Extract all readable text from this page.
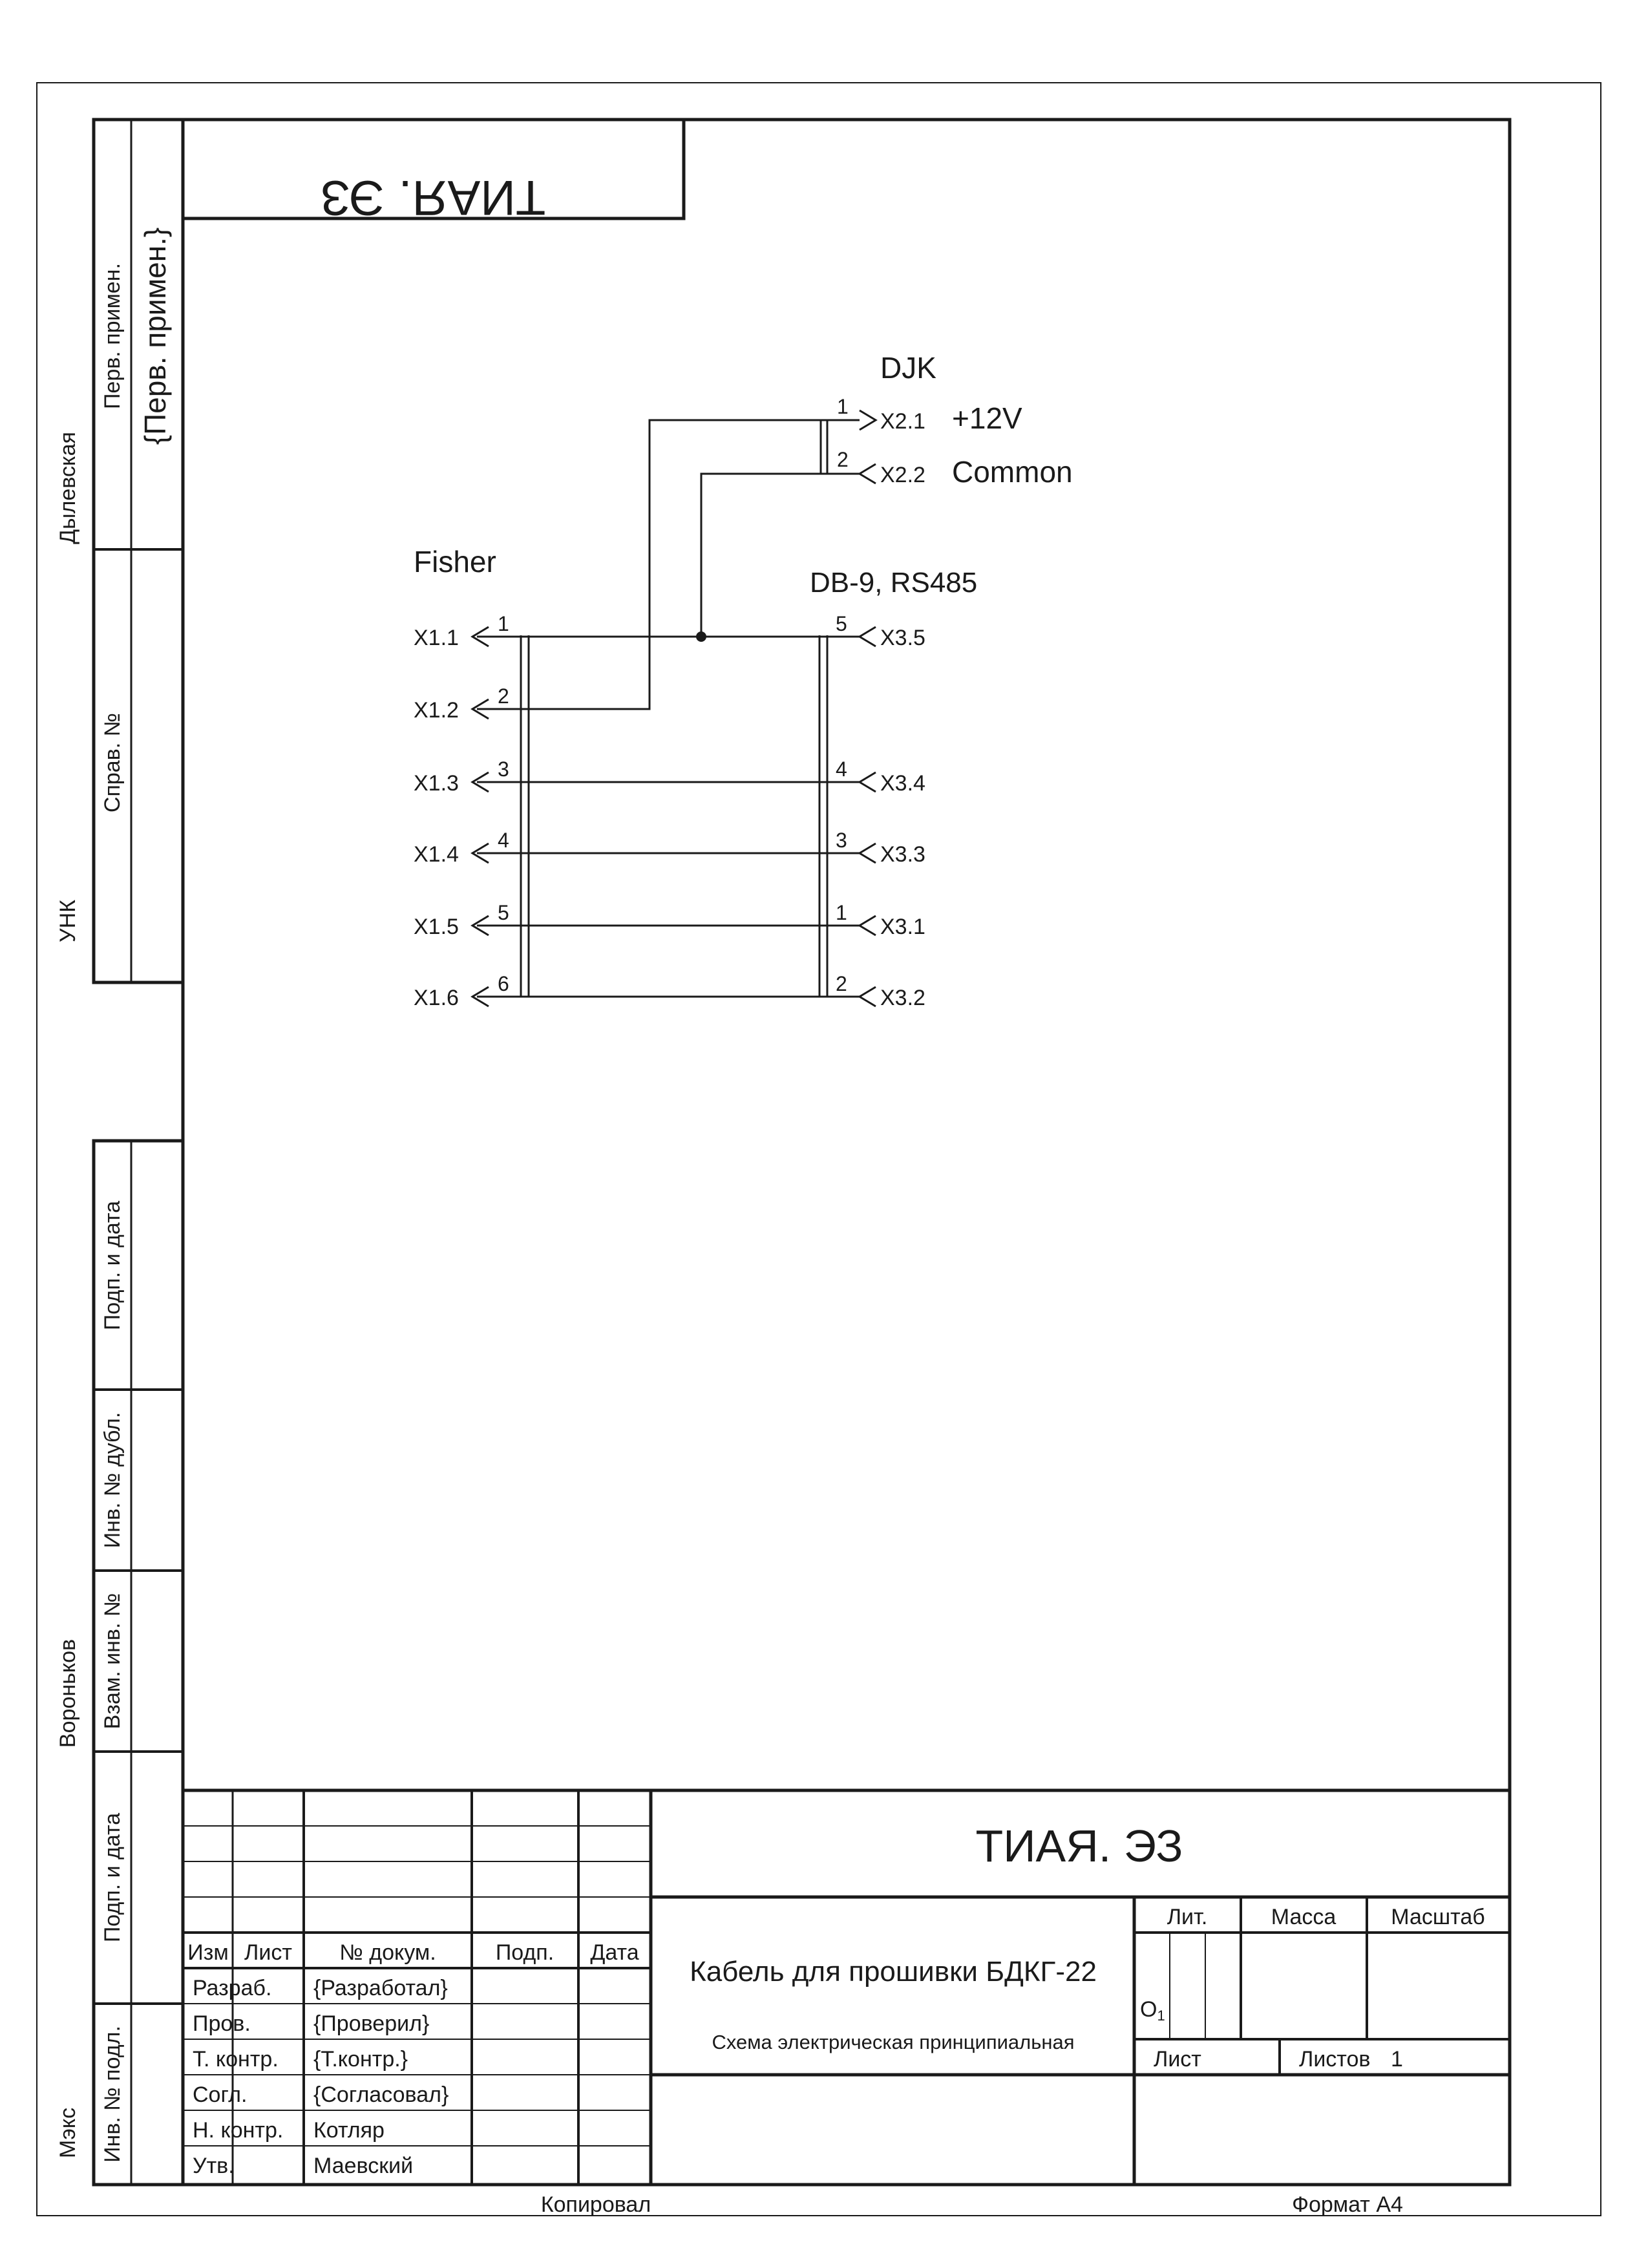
ТИАЯ. ЭЗ
Перв. примен. {Перв. примен.}
Справ. №
Подп. и дата
Инв. № дубл.
Взам. инв. №
Подп. и дата
Инв. № подл.
Дылевская
УНК
Вороньков
Мэкс
Изм Лист № докум.	Подп. Дата
Разраб. {Разработал}
Пров.	{Проверил}
Т. контр. {Т.контр.}
Согл.	{Согласовал}
Н. контр. Котляр
Утв.	Маевский
ТИАЯ. ЭЗ
Кабель для прошивки БДКГ-22
Схема электрическая принципиальная
Лит.	Масса	Масштаб
О1
Лист	Листов 1
Копировал	Формат А4
Fisher
DJK
DB-9, RS485
X1.1
1
X1.2
2
X1.3
3
X1.4
4
X1.5
5
X1.6
6
1
X2.1 +12V
2
X2.2 Common
5
X3.5
4
X3.4
3
X3.3
1
X3.1
2
X3.2
